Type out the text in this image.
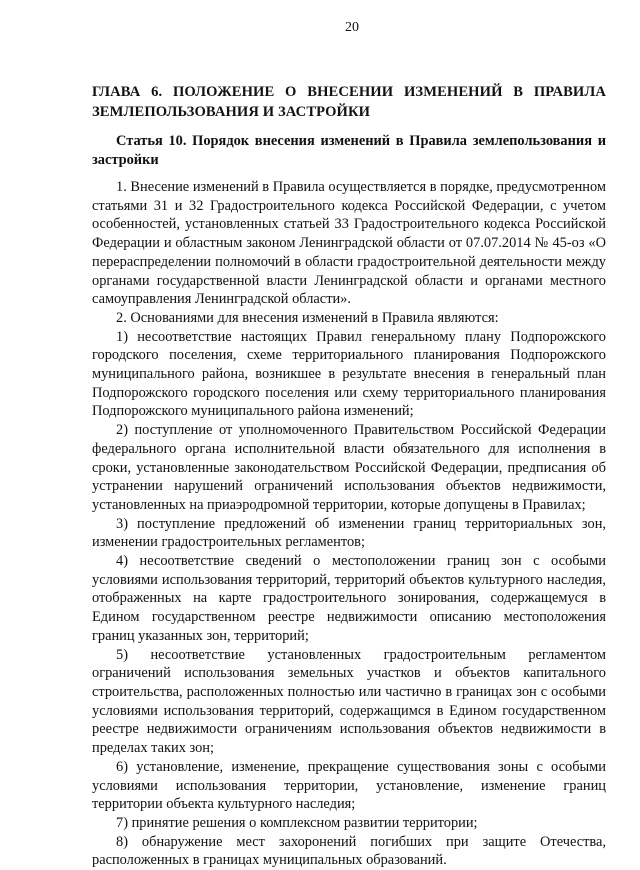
20
ГЛАВА 6. ПОЛОЖЕНИЕ О ВНЕСЕНИИ ИЗМЕНЕНИЙ В ПРАВИЛА ЗЕМЛЕПОЛЬЗОВАНИЯ И ЗАСТРОЙКИ
Статья 10. Порядок внесения изменений в Правила землепользования и застройки

1. Внесение изменений в Правила осуществляется в порядке, предусмотренном статьями 31 и 32 Градостроительного кодекса Российской Федерации, с учетом особенностей, установленных статьей 33 Градостроительного кодекса Российской Федерации и областным законом Ленинградской области от 07.07.2014 № 45-оз «О перераспределении полномочий в области градостроительной деятельности между органами государственной власти Ленинградской области и органами местного самоуправления Ленинградской области».

2. Основаниями для внесения изменений в Правила являются:

1) несоответствие настоящих Правил генеральному плану Подпорожского городского поселения, схеме территориального планирования Подпорожского муниципального района, возникшее в результате внесения в генеральный план Подпорожского городского поселения или схему территориального планирования Подпорожского муниципального района изменений;

2) поступление от уполномоченного Правительством Российской Федерации федерального органа исполнительной власти обязательного для исполнения в сроки, установленные законодательством Российской Федерации, предписания об устранении нарушений ограничений использования объектов недвижимости, установленных на приаэродромной территории, которые допущены в Правилах;

3) поступление предложений об изменении границ территориальных зон, изменении градостроительных регламентов;

4) несоответствие сведений о местоположении границ зон с особыми условиями использования территорий, территорий объектов культурного наследия, отображенных на карте градостроительного зонирования, содержащемуся в Едином государственном реестре недвижимости описанию местоположения границ указанных зон, территорий;

5) несоответствие установленных градостроительным регламентом ограничений использования земельных участков и объектов капитального строительства, расположенных полностью или частично в границах зон с особыми условиями использования территорий, содержащимся в Едином государственном реестре недвижимости ограничениям использования объектов недвижимости в пределах таких зон;

6) установление, изменение, прекращение существования зоны с особыми условиями использования территории, установление, изменение границ территории объекта культурного наследия;

7) принятие решения о комплексном развитии территории;

8) обнаружение мест захоронений погибших при защите Отечества, расположенных в границах муниципальных образований.
